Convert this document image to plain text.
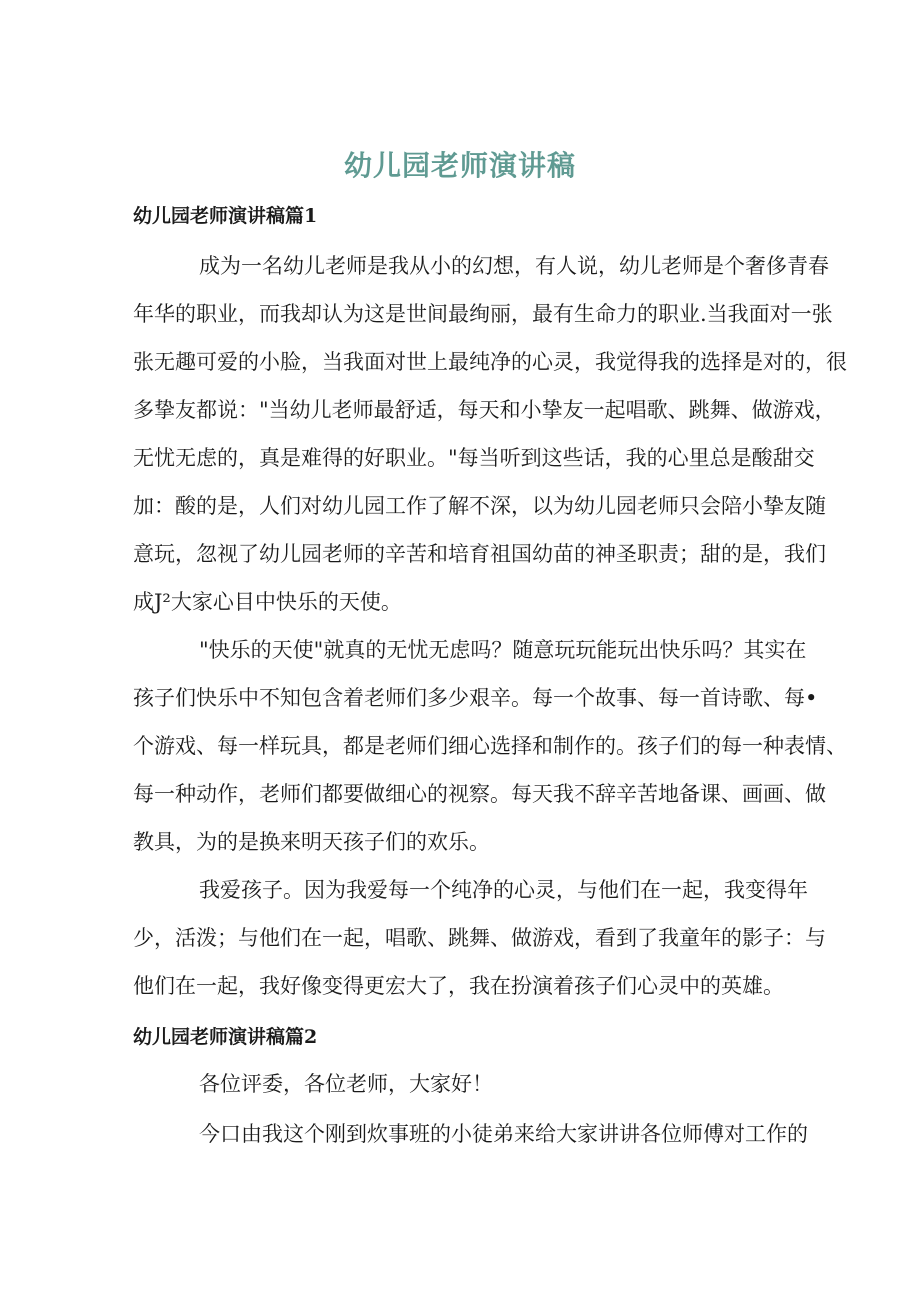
幼儿园老师演讲稿
幼儿园老师演讲稿篇1

成为一名幼儿老师是我从小的幻想，有人说，幼儿老师是个奢侈青春
年华的职业，而我却认为这是世间最绚丽，最有生命力的职业.当我面对一张
张无趣可爱的小脸，当我面对世上最纯净的心灵，我觉得我的选择是对的，很
多挚友都说："当幼儿老师最舒适，每天和小挚友一起唱歌、跳舞、做游戏，
无忧无虑的，真是难得的好职业。"每当听到这些话，我的心里总是酸甜交
加：酸的是，人们对幼儿园工作了解不深，以为幼儿园老师只会陪小挚友随
意玩，忽视了幼儿园老师的辛苦和培育祖国幼苗的神圣职责；甜的是，我们
成J²大家心目中快乐的天使。

"快乐的天使"就真的无忧无虑吗？随意玩玩能玩出快乐吗？其实在
孩子们快乐中不知包含着老师们多少艰辛。每一个故事、每一首诗歌、每•
个游戏、每一样玩具，都是老师们细心选择和制作的。孩子们的每一种表情、
每一种动作，老师们都要做细心的视察。每天我不辞辛苦地备课、画画、做
教具，为的是换来明天孩子们的欢乐。

我爱孩子。因为我爱每一个纯净的心灵，与他们在一起，我变得年
少，活泼；与他们在一起，唱歌、跳舞、做游戏，看到了我童年的影子：与
他们在一起，我好像变得更宏大了，我在扮演着孩子们心灵中的英雄。

幼儿园老师演讲稿篇2

各位评委，各位老师，大家好！

今口由我这个刚到炊事班的小徒弟来给大家讲讲各位师傅对工作的
